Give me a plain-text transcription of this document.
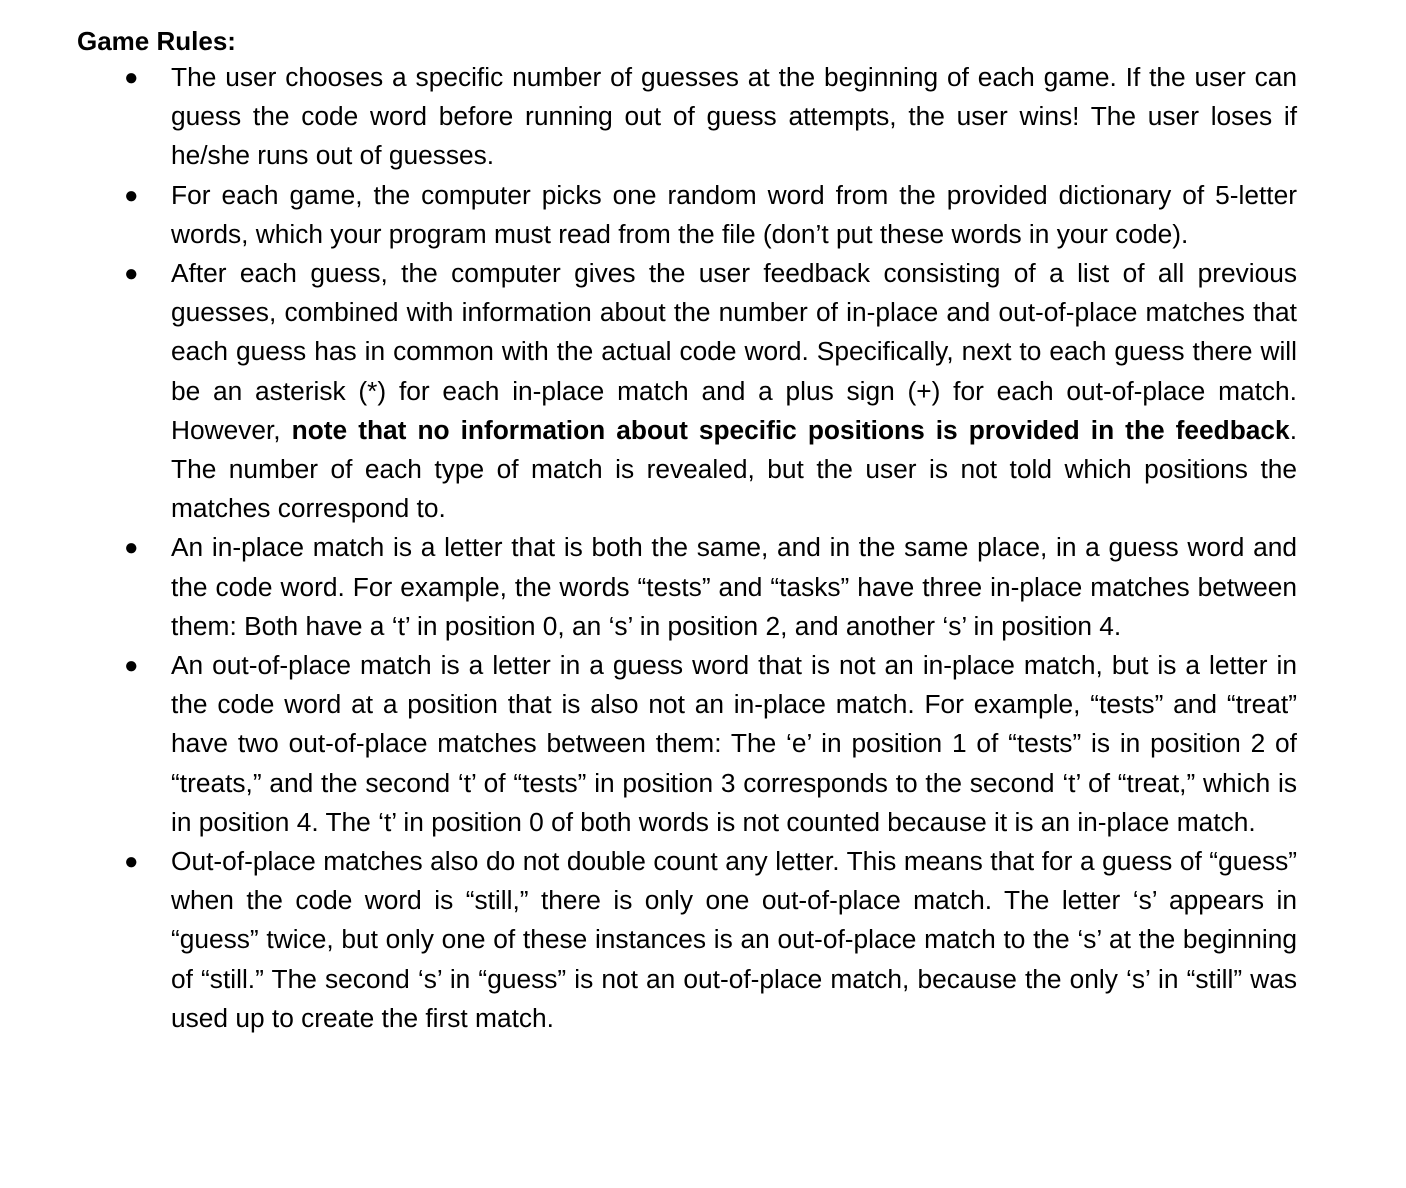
Game Rules:
● The user chooses a specific number of guesses at the beginning of each game. If the user can guess the code word before running out of guess attempts, the user wins! The user loses if he/she runs out of guesses.
● For each game, the computer picks one random word from the provided dictionary of 5-letter words, which your program must read from the file (don’t put these words in your code).
● After each guess, the computer gives the user feedback consisting of a list of all previous guesses, combined with information about the number of in-place and out-of-place matches that each guess has in common with the actual code word. Specifically, next to each guess there will be an asterisk (*) for each in-place match and a plus sign (+) for each out-of-place match. However, note that no information about specific positions is provided in the feedback. The number of each type of match is revealed, but the user is not told which positions the matches correspond to.
● An in-place match is a letter that is both the same, and in the same place, in a guess word and the code word. For example, the words “tests” and “tasks” have three in-place matches between them: Both have a ‘t’ in position 0, an ‘s’ in position 2, and another ‘s’ in position 4.
● An out-of-place match is a letter in a guess word that is not an in-place match, but is a letter in the code word at a position that is also not an in-place match. For example, “tests” and “treat” have two out-of-place matches between them: The ‘e’ in position 1 of “tests” is in position 2 of “treats,” and the second ‘t’ of “tests” in position 3 corresponds to the second ‘t’ of “treat,” which is in position 4. The ‘t’ in position 0 of both words is not counted because it is an in-place match.
● Out-of-place matches also do not double count any letter. This means that for a guess of “guess” when the code word is “still,” there is only one out-of-place match. The letter ‘s’ appears in “guess” twice, but only one of these instances is an out-of-place match to the ‘s’ at the beginning of “still.” The second ‘s’ in “guess” is not an out-of-place match, because the only ‘s’ in “still” was used up to create the first match.
